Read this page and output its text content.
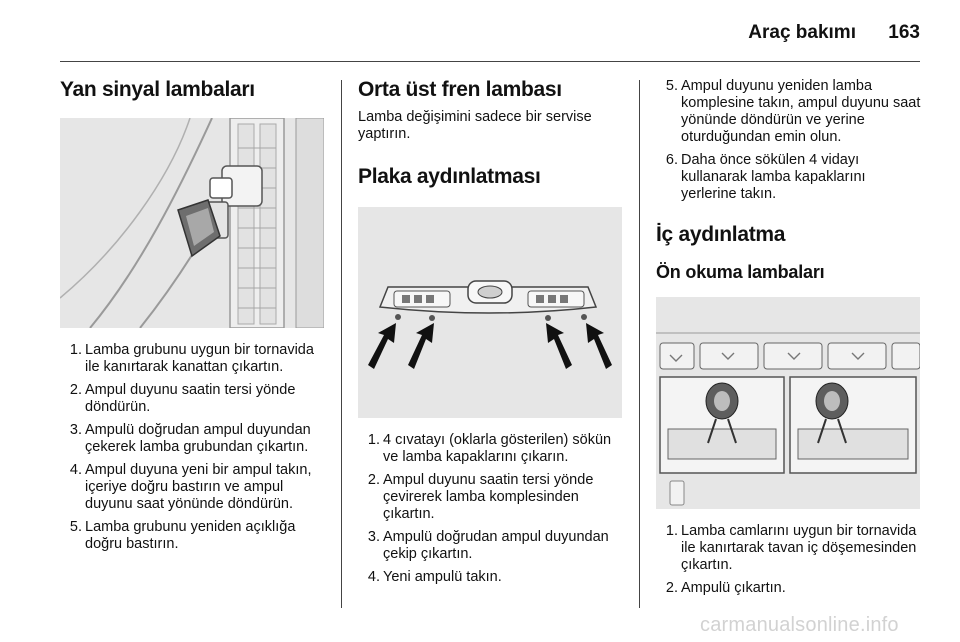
Araç bakımı 163
Yan sinyal lambaları
1. Lamba grubunu uygun bir tornavida ile kanırtarak kanattan çıkartın.
2. Ampul duyunu saatin tersi yönde döndürün.
3. Ampulü doğrudan ampul duyundan çekerek lamba grubundan çıkartın.
4. Ampul duyuna yeni bir ampul takın, içeriye doğru bastırın ve ampul duyunu saat yönünde döndürün.
5. Lamba grubunu yeniden açıklığa doğru bastırın.
Orta üst fren lambası

Lamba değişimini sadece bir servise yaptırın.

Plaka aydınlatması
1. 4 cıvatayı (oklarla gösterilen) sökün ve lamba kapaklarını çıkarın.
2. Ampul duyunu saatin tersi yönde çevirerek lamba komplesinden çıkartın.
3. Ampulü doğrudan ampul duyundan çekip çıkartın.
4. Yeni ampulü takın.
5. Ampul duyunu yeniden lamba komplesine takın, ampul duyunu saat yönünde döndürün ve yerine oturduğundan emin olun.
6. Daha önce sökülen 4 vidayı kullanarak lamba kapaklarını yerlerine takın.
İç aydınlatma
Ön okuma lambaları
1. Lamba camlarını uygun bir tornavida ile kanırtarak tavan iç döşemesinden çıkartın.
2. Ampulü çıkartın.
carmanualsonline.info
